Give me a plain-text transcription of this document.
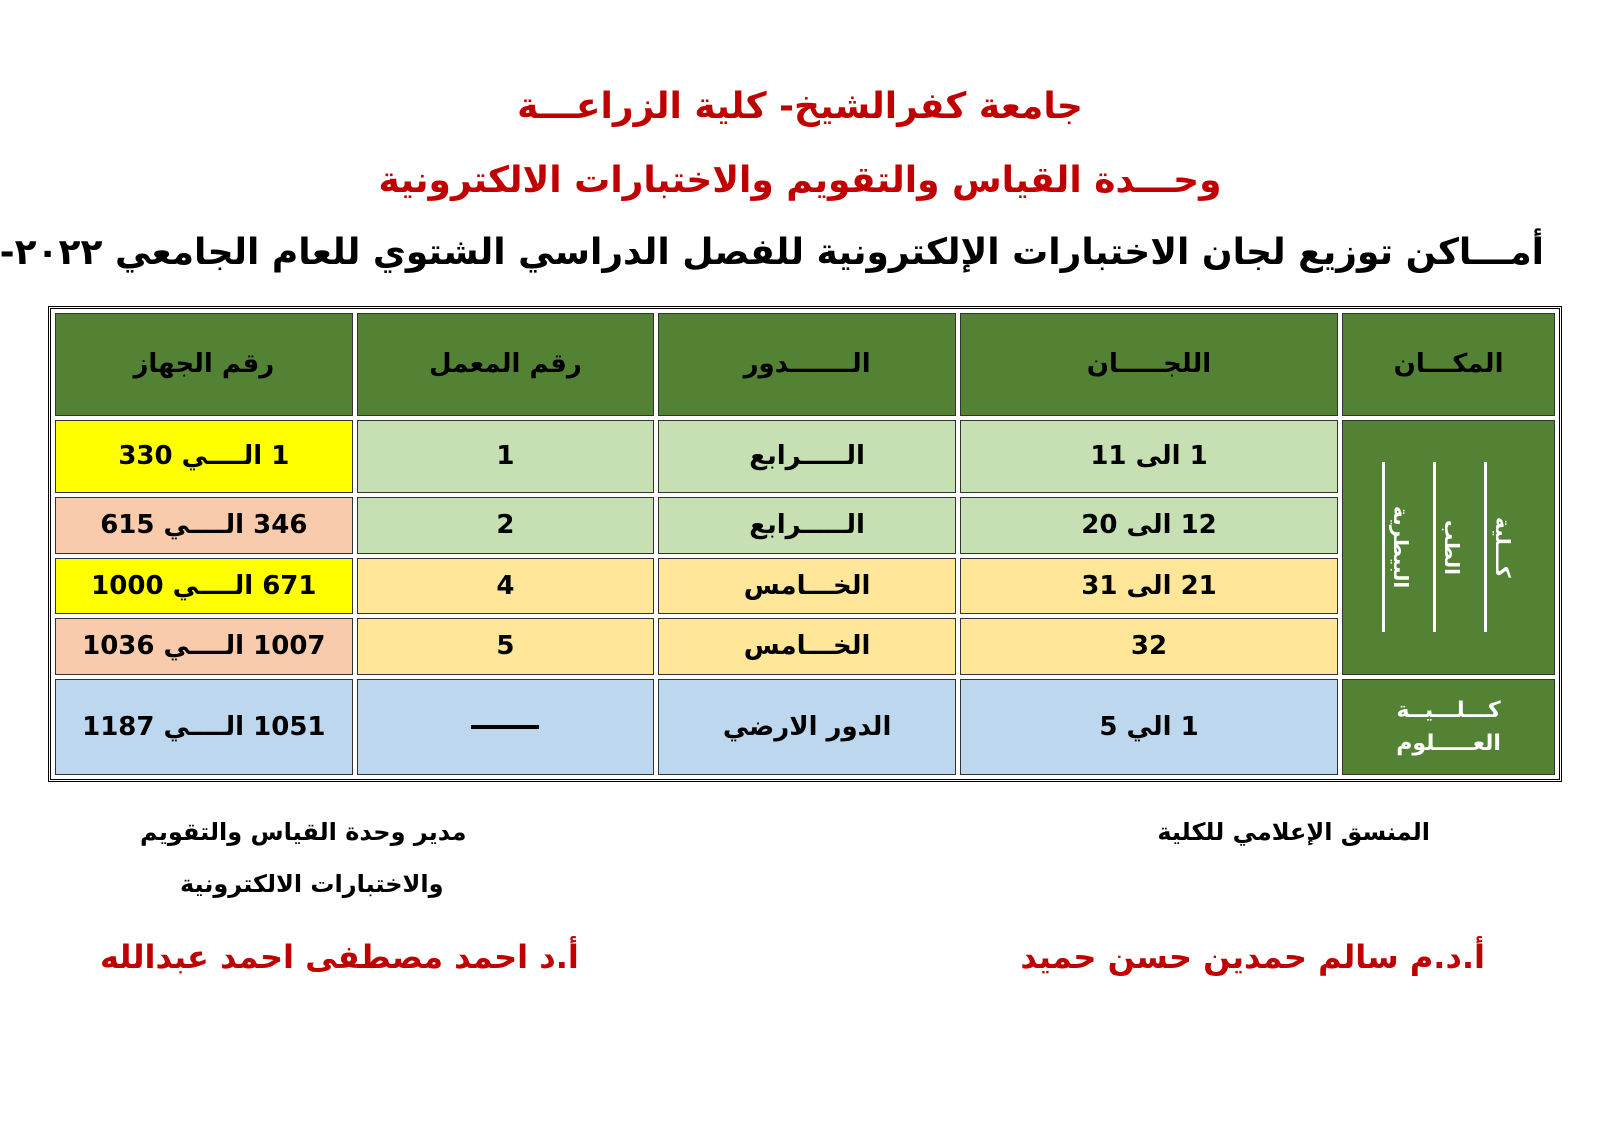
جامعة كفرالشيخ- كلية الزراعـــة
وحـــدة القياس والتقويم والاختبارات الالكترونية
أمـــاكن توزيع لجان الاختبارات الإلكترونية للفصل الدراسي الشتوي للعام الجامعي ٢٠٢٢-
المكـــان	اللجـــــان	الـــــــدور	رقم المعمل	رقم الجهاز

كـــلية
الطب
البيطرية	1 الى 11	الـــــرابع	1	1 الــــي 330
	12 الى 20	الـــــرابع	2	346 الــــي 615
	21 الى 31	الخـــامس	4	671 الــــي 1000
	32	الخـــامس	5	1007 الــــي 1036

كـــلـــيــة
العـــــلوم	1 الي 5	الدور الارضي		1051 الــــي 1187
المنسق الإعلامي للكلية
مدير وحدة القياس والتقويم
والاختبارات الالكترونية
أ.د.م سالم حمدين حسن حميد
أ.د احمد مصطفى احمد عبدالله
